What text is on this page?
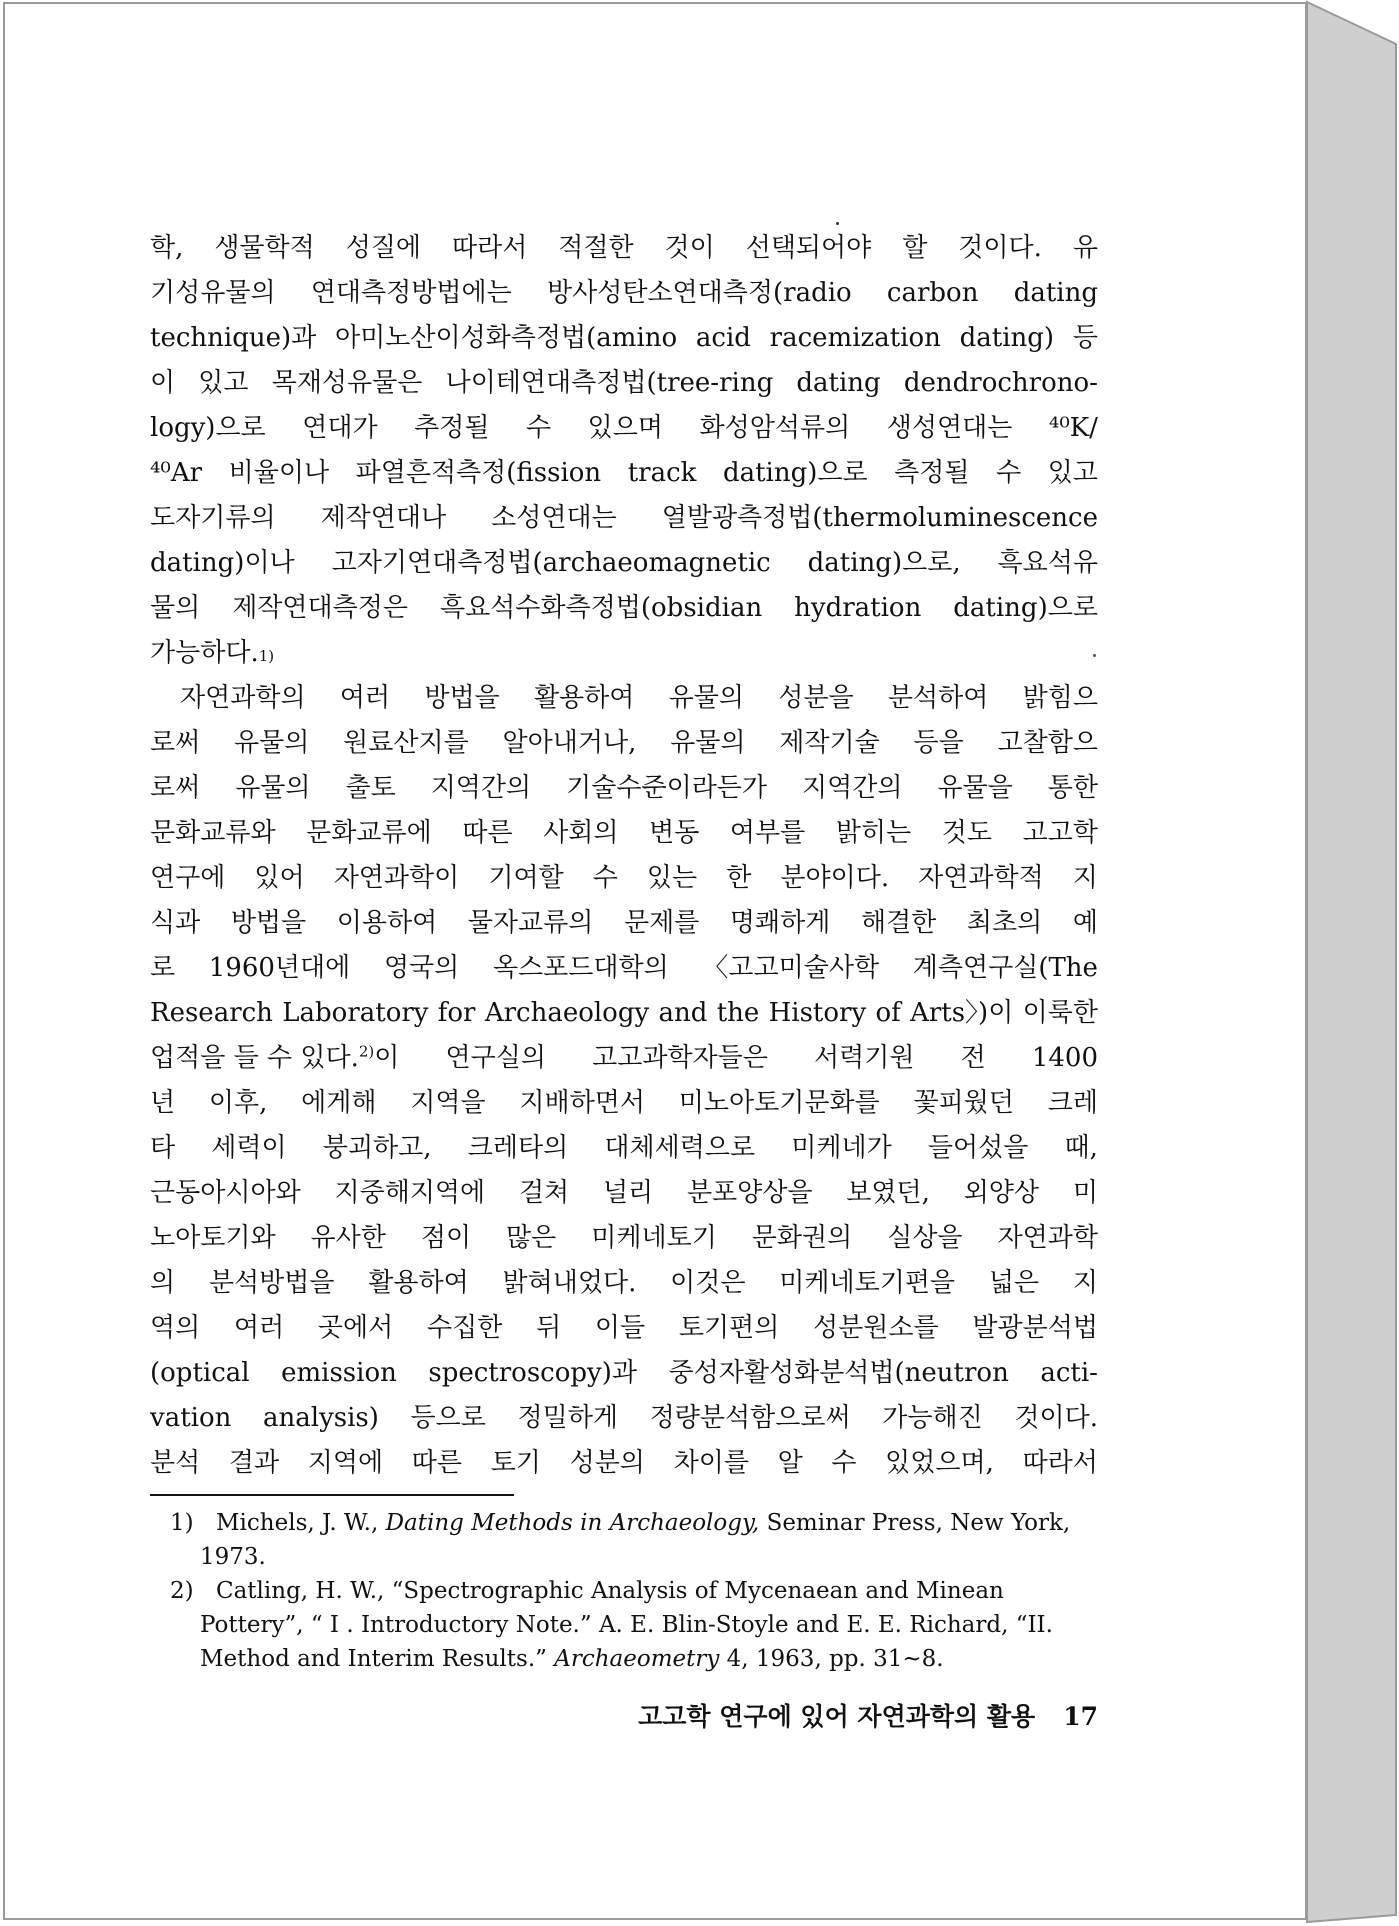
학, 생물학적 성질에 따라서 적절한 것이 선택되어야 할 것이다. 유
기성유물의 연대측정방법에는 방사성탄소연대측정(radio carbon dating
technique)과 아미노산이성화측정법(amino acid racemization dating) 등
이 있고 목재성유물은 나이테연대측정법(tree-ring dating dendrochrono-
logy)으로 연대가 추정될 수 있으며 화성암석류의 생성연대는 ⁴⁰K/
⁴⁰Ar 비율이나 파열흔적측정(fission track dating)으로 측정될 수 있고
도자기류의 제작연대나 소성연대는 열발광측정법(thermoluminescence
dating)이나 고자기연대측정법(archaeomagnetic dating)으로, 흑요석유
물의 제작연대측정은 흑요석수화측정법(obsidian hydration dating)으로
가능하다. 1)
자연과학의 여러 방법을 활용하여 유물의 성분을 분석하여 밝힘으
로써 유물의 원료산지를 알아내거나, 유물의 제작기술 등을 고찰함으
로써 유물의 출토 지역간의 기술수준이라든가 지역간의 유물을 통한
문화교류와 문화교류에 따른 사회의 변동 여부를 밝히는 것도 고고학
연구에 있어 자연과학이 기여할 수 있는 한 분야이다. 자연과학적 지
식과 방법을 이용하여 물자교류의 문제를 명쾌하게 해결한 최초의 예
로 1960년대에 영국의 옥스포드대학의 〈고고미술사학 계측연구실(The
Research Laboratory for Archaeology and the History of Arts〉)이 이룩한
업적을 들 수 있다.$^{2)}$ 이 연구실의 고고과학자들은 서력기원 전 1400
년 이후, 에게해 지역을 지배하면서 미노아토기문화를 꽃피웠던 크레
타 세력이 붕괴하고, 크레타의 대체세력으로 미케네가 들어섰을 때,
근동아시아와 지중해지역에 걸쳐 널리 분포양상을 보였던, 외양상 미
노아토기와 유사한 점이 많은 미케네토기 문화권의 실상을 자연과학
의 분석방법을 활용하여 밝혀내었다. 이것은 미케네토기편을 넓은 지
역의 여러 곳에서 수집한 뒤 이들 토기편의 성분원소를 발광분석법
(optical emission spectroscopy)과 중성자활성화분석법(neutron acti-
vation analysis) 등으로 정밀하게 정량분석함으로써 가능해진 것이다.
분석 결과 지역에 따른 토기 성분의 차이를 알 수 있었으며, 따라서
1) Michels, J. W., Dating Methods in Archaeology, Seminar Press, New York,
1973.
2) Catling, H. W., “Spectrographic Analysis of Mycenaean and Minean
Pottery”, “ I . Introductory Note.” A. E. Blin-Stoyle and E. E. Richard, “II.
Method and Interim Results.” Archaeometry 4, 1963, pp. 31~8.
고고학 연구에 있어 자연과학의 활용 17
